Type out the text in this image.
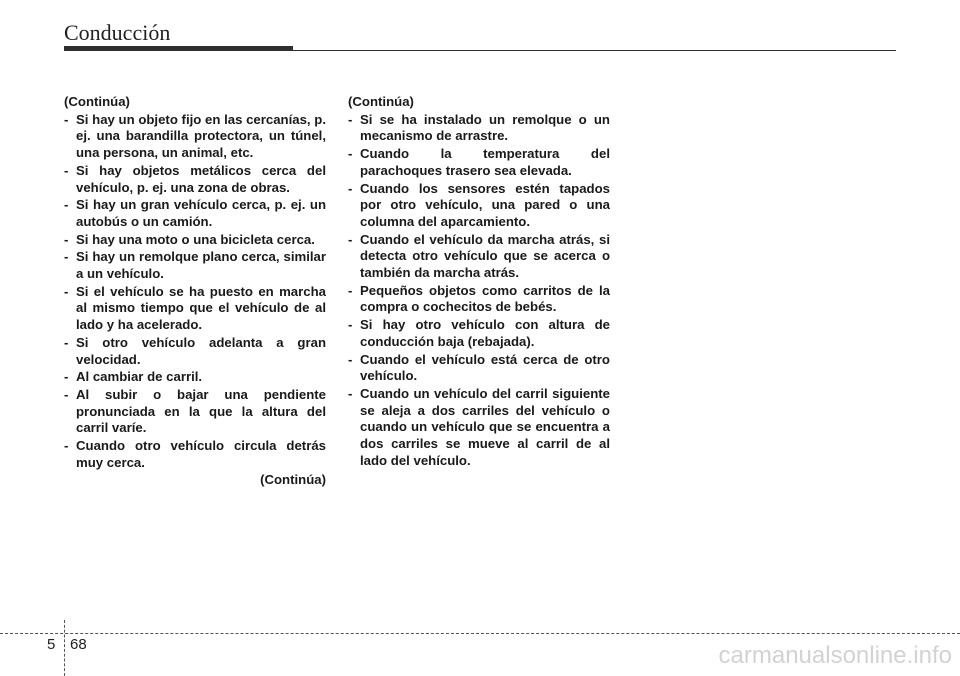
Conducción

(Continúa)

- Si hay un objeto fijo en las cercanías, p. ej. una barandilla protectora, un túnel, una persona, un animal, etc.
- Si hay objetos metálicos cerca del vehículo, p. ej. una zona de obras.
- Si hay un gran vehículo cerca, p. ej. un autobús o un camión.
- Si hay una moto o una bicicleta cerca.
- Si hay un remolque plano cerca, similar a un vehículo.
- Si el vehículo se ha puesto en marcha al mismo tiempo que el vehículo de al lado y ha acelerado.
- Si otro vehículo adelanta a gran velocidad.
- Al cambiar de carril.
- Al subir o bajar una pendiente pronunciada en la que la altura del carril varíe.
- Cuando otro vehículo circula detrás muy cerca.

(Continúa)

(Continúa)

- Si se ha instalado un remolque o un mecanismo de arrastre.
- Cuando la temperatura del parachoques trasero sea elevada.
- Cuando los sensores estén tapados por otro vehículo, una pared o una columna del aparcamiento.
- Cuando el vehículo da marcha atrás, si detecta otro vehículo que se acerca o también da marcha atrás.
- Pequeños objetos como carritos de la compra o cochecitos de bebés.
- Si hay otro vehículo con altura de conducción baja (rebajada).
- Cuando el vehículo está cerca de otro vehículo.
- Cuando un vehículo del carril siguiente se aleja a dos carriles del vehículo o cuando un vehículo que se encuentra a dos carriles se mueve al carril de al lado del vehículo.
5 68	carmanualsonline.info
